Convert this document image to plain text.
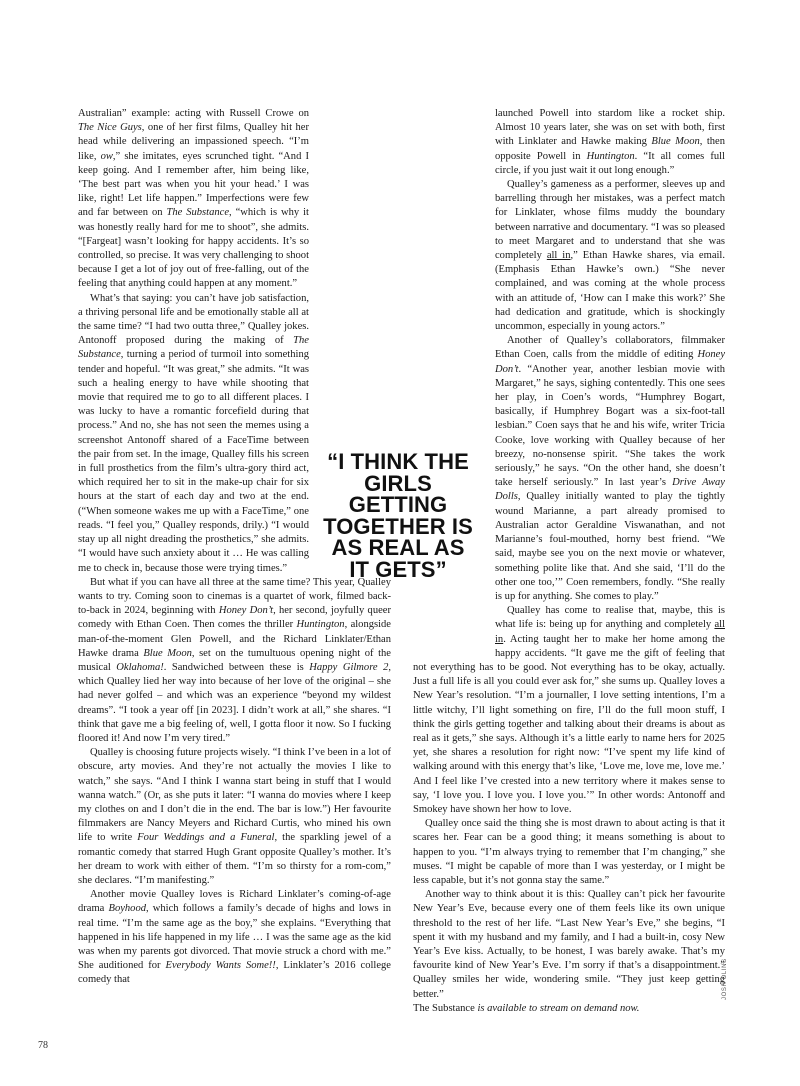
Australian” example: acting with Russell Crowe on The Nice Guys, one of her first films, Qualley hit her head while delivering an impassioned speech. “I’m like, ow,” she imitates, eyes scrunched tight. “And I keep going. And I remember after, him being like, ‘The best part was when you hit your head.’ I was like, right! Let life happen.” Imperfections were few and far between on The Substance, “which is why it was honestly really hard for me to shoot”, she admits. “[Fargeat] wasn’t looking for happy accidents. It’s so controlled, so precise. It was very challenging to shoot because I get a lot of joy out of free-falling, out of the feeling that anything could happen at any moment.”

What’s that saying: you can’t have job satisfaction, a thriving personal life and be emotionally stable all at the same time? “I had two outta three,” Qualley jokes. Antonoff proposed during the making of The Substance, turning a period of turmoil into something tender and hopeful. “It was great,” she admits. “It was such a healing energy to have while shooting that movie that required me to go to all different places. I was lucky to have a romantic forcefield during that process.” And no, she has not seen the memes using a screenshot Antonoff shared of a FaceTime between the pair from set. In the image, Qualley fills his screen in full prosthetics from the film’s ultra-gory third act, which required her to sit in the make-up chair for six hours at the start of each day and two at the end. (“When someone wakes me up with a FaceTime,” one reads. “I feel you,” Qualley responds, drily.) “I would stay up all night dreading the prosthetics,” she admits. “I would have such anxiety about it … He was calling me to check in, because those were trying times.”

But what if you can have all three at the same time? This year, Qualley wants to try. Coming soon to cinemas is a quartet of work, filmed back-to-back in 2024, beginning with Honey Don’t, her second, joyfully queer comedy with Ethan Coen. Then comes the thriller Huntington, alongside man-of-the-moment Glen Powell, and the Richard Linklater/Ethan Hawke drama Blue Moon, set on the tumultuous opening night of the musical Oklahoma!. Sandwiched between these is Happy Gilmore 2, which Qualley lied her way into because of her love of the original – she had never golfed – and which was an experience “beyond my wildest dreams”. “I took a year off [in 2023]. I didn’t work at all,” she shares. “I think that gave me a big feeling of, well, I gotta floor it now. So I fucking floored it! And now I’m very tired.”

Qualley is choosing future projects wisely. “I think I’ve been in a lot of obscure, arty movies. And they’re not actually the movies I like to watch,” she says. “And I think I wanna start being in stuff that I would wanna watch.” (Or, as she puts it later: “I wanna do movies where I keep my clothes on and I don’t die in the end. The bar is low.”) Her favourite filmmakers are Nancy Meyers and Richard Curtis, who mined his own life to write Four Weddings and a Funeral, the sparkling jewel of a romantic comedy that starred Hugh Grant opposite Qualley’s mother. It’s her dream to work with either of them. “I’m so thirsty for a rom-com,” she declares. “I’m manifesting.”

Another movie Qualley loves is Richard Linklater’s coming-of-age drama Boyhood, which follows a family’s decade of highs and lows in real time. “I’m the same age as the boy,” she explains. “Everything that happened in his life happened in my life … I was the same age as the kid was when my parents got divorced. That movie struck a chord with me.” She auditioned for Everybody Wants Some!!, Linklater’s 2016 college comedy that

launched Powell into stardom like a rocket ship. Almost 10 years later, she was on set with both, first with Linklater and Hawke making Blue Moon, then opposite Powell in Huntington. “It all comes full circle, if you just wait it out long enough.”

Qualley’s gameness as a performer, sleeves up and barrelling through her mistakes, was a perfect match for Linklater, whose films muddy the boundary between narrative and documentary. “I was so pleased to meet Margaret and to understand that she was completely all in,” Ethan Hawke shares, via email. (Emphasis Ethan Hawke’s own.) “She never complained, and was coming at the whole process with an attitude of, ‘How can I make this work?’ She had dedication and gratitude, which is shockingly uncommon, especially in young actors.”

Another of Qualley’s collaborators, filmmaker Ethan Coen, calls from the middle of editing Honey Don’t. “Another year, another lesbian movie with Margaret,” he says, sighing contentedly. This one sees her play, in Coen’s words, “Humphrey Bogart, basically, if Humphrey Bogart was a six-foot-tall lesbian.” Coen says that he and his wife, writer Tricia Cooke, love working with Qualley because of her breezy, no-nonsense spirit. “She takes the work seriously,” he says. “On the other hand, she doesn’t take herself seriously.” In last year’s Drive Away Dolls, Qualley initially wanted to play the tightly wound Marianne, a part already promised to Australian actor Geraldine Viswanathan, and not Marianne’s foul-mouthed, horny best friend. “We said, maybe see you on the next movie or whatever, something polite like that. And she said, ‘I’ll do the other one too,’” Coen remembers, fondly. “She really is up for anything. She comes to play.”

Qualley has come to realise that, maybe, this is what life is: being up for anything and completely all in. Acting taught her to make her home among the happy accidents. “It gave me the gift of feeling that not everything has to be good. Not everything has to be okay, actually. Just a full life is all you could ever ask for,” she sums up. Qualley loves a New Year’s resolution. “I’m a journaller, I love setting intentions, I’m a little witchy, I’ll light something on fire, I’ll do the full moon stuff, I think the girls getting together and talking about their dreams is about as real as it gets,” she says. Although it’s a little early to name hers for 2025 yet, she shares a resolution for right now: “I’ve spent my life kind of walking around with this energy that’s like, ‘Love me, love me, love me.’ And I feel like I’ve crested into a new territory where it makes sense to say, ‘I love you. I love you. I love you.’” In other words: Antonoff and Smokey have shown her how to love.

Qualley once said the thing she is most drawn to about acting is that it scares her. Fear can be a good thing; it means something is about to happen to you. “I’m always trying to remember that I’m changing,” she muses. “I might be capable of more than I was yesterday, or I might be less capable, but it’s not gonna stay the same.”

Another way to think about it is this: Qualley can’t pick her favourite New Year’s Eve, because every one of them feels like its own unique threshold to the rest of her life. “Last New Year’s Eve,” she begins, “I spent it with my husband and my family, and I had a built-in, cosy New Year’s Eve kiss. Actually, to be honest, I was barely awake. That’s my favourite kind of New Year’s Eve. I’m sorry if that’s a disappointment.” Qualley smiles her wide, wondering smile. “They just keep getting better.”

The Substance is available to stream on demand now.

“I THINK THE GIRLS GETTING TOGETHER IS AS REAL AS IT GETS”

78
JOSH OLINS
